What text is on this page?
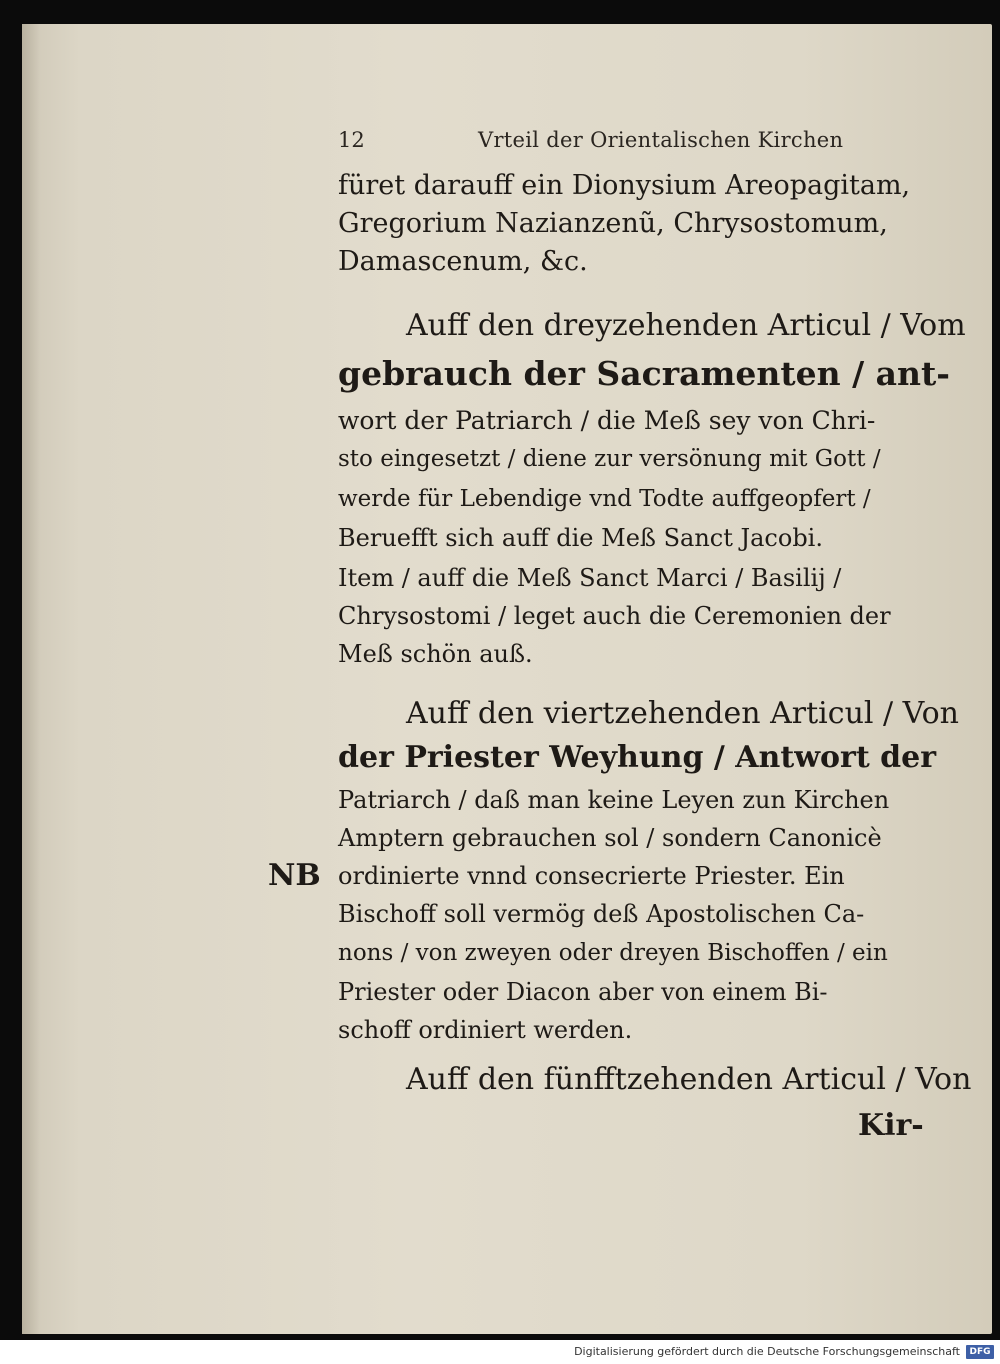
12	Vrteil der Orientalischen Kirchen
NB
füret darauff ein Dionysium Areopagitam,
Gregorium Nazianzenũ, Chrysostomum,
Damascenum, &c.
Auff den dreyzehenden Articul / Vom
gebrauch der Sacramenten / ant-
wort der Patriarch / die Meß sey von Chri-
sto eingesetzt / diene zur versönung mit Gott /
werde für Lebendige vnd Todte auffgeopfert /
Beruefft sich auff die Meß Sanct Jacobi.
Item / auff die Meß Sanct Marci / Basilij /
Chrysostomi / leget auch die Ceremonien der
Meß schön auß.
Auff den viertzehenden Articul / Von
der Priester Weyhung / Antwort der
Patriarch / daß man keine Leyen zun Kirchen
Amptern gebrauchen sol / sondern Canonicè
ordinierte vnnd consecrierte Priester. Ein
Bischoff soll vermög deß Apostolischen Ca-
nons / von zweyen oder dreyen Bischoffen / ein
Priester oder Diacon aber von einem Bi-
schoff ordiniert werden.
Auff den fünfftzehenden Articul / Von
Kir-
Digitalisierung gefördert durch die Deutsche Forschungsgemeinschaft	DFG
